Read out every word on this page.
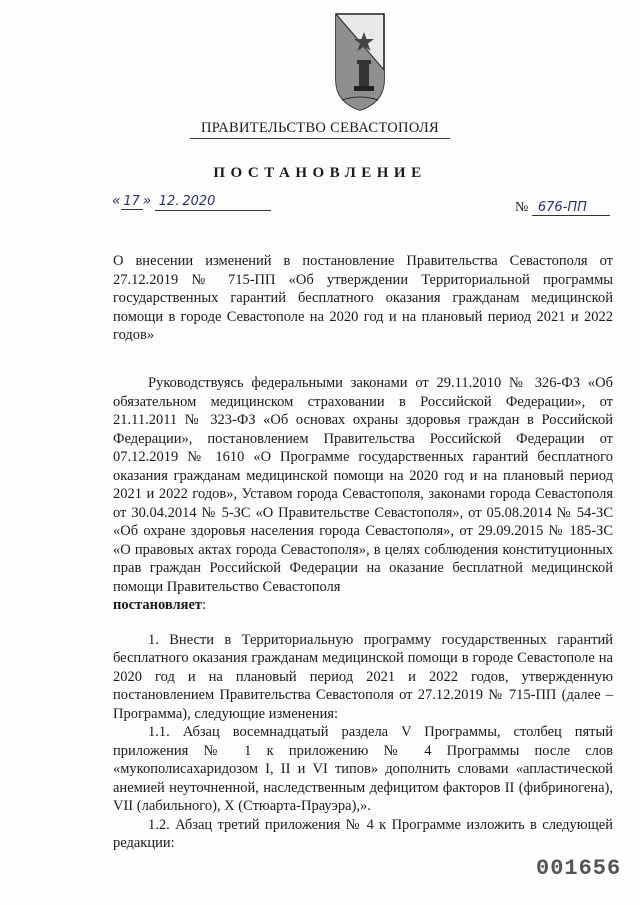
ПРАВИТЕЛЬСТВО СЕВАСТОПОЛЯ
ПОСТАНОВЛЕНИЕ
« 17 » 12. 2020	№ 676-ПП
О внесении изменений в постановление Правительства Севастополя от 27.12.2019 № 715-ПП «Об утверждении Территориальной программы государственных гарантий бесплатного оказания гражданам медицинской помощи в городе Севастополе на 2020 год и на плановый период 2021 и 2022 годов»

Руководствуясь федеральными законами от 29.11.2010 № 326-ФЗ «Об обязательном медицинском страховании в Российской Федерации», от 21.11.2011 № 323-ФЗ «Об основах охраны здоровья граждан в Российской Федерации», постановлением Правительства Российской Федерации от 07.12.2019 № 1610 «О Программе государственных гарантий бесплатного оказания гражданам медицинской помощи на 2020 год и на плановый период 2021 и 2022 годов», Уставом города Севастополя, законами города Севастополя от 30.04.2014 № 5-ЗС «О Правительстве Севастополя», от 05.08.2014 № 54-ЗС «Об охране здоровья населения города Севастополя», от 29.09.2015 № 185-ЗС «О правовых актах города Севастополя», в целях соблюдения конституционных прав граждан Российской Федерации на оказание бесплатной медицинской помощи Правительство Севастополя
постановляет:

1. Внести в Территориальную программу государственных гарантий бесплатного оказания гражданам медицинской помощи в городе Севастополе на 2020 год и на плановый период 2021 и 2022 годов, утвержденную постановлением Правительства Севастополя от 27.12.2019 № 715-ПП (далее – Программа), следующие изменения:

1.1. Абзац восемнадцатый раздела V Программы, столбец пятый приложения № 1 к приложению № 4 Программы после слов «мукополисахаридозом I, II и VI типов» дополнить словами «апластической анемией неуточненной, наследственным дефицитом факторов II (фибриногена), VII (лабильного), X (Стюарта-Прауэра),».

1.2. Абзац третий приложения № 4 к Программе изложить в следующей редакции:

001656
